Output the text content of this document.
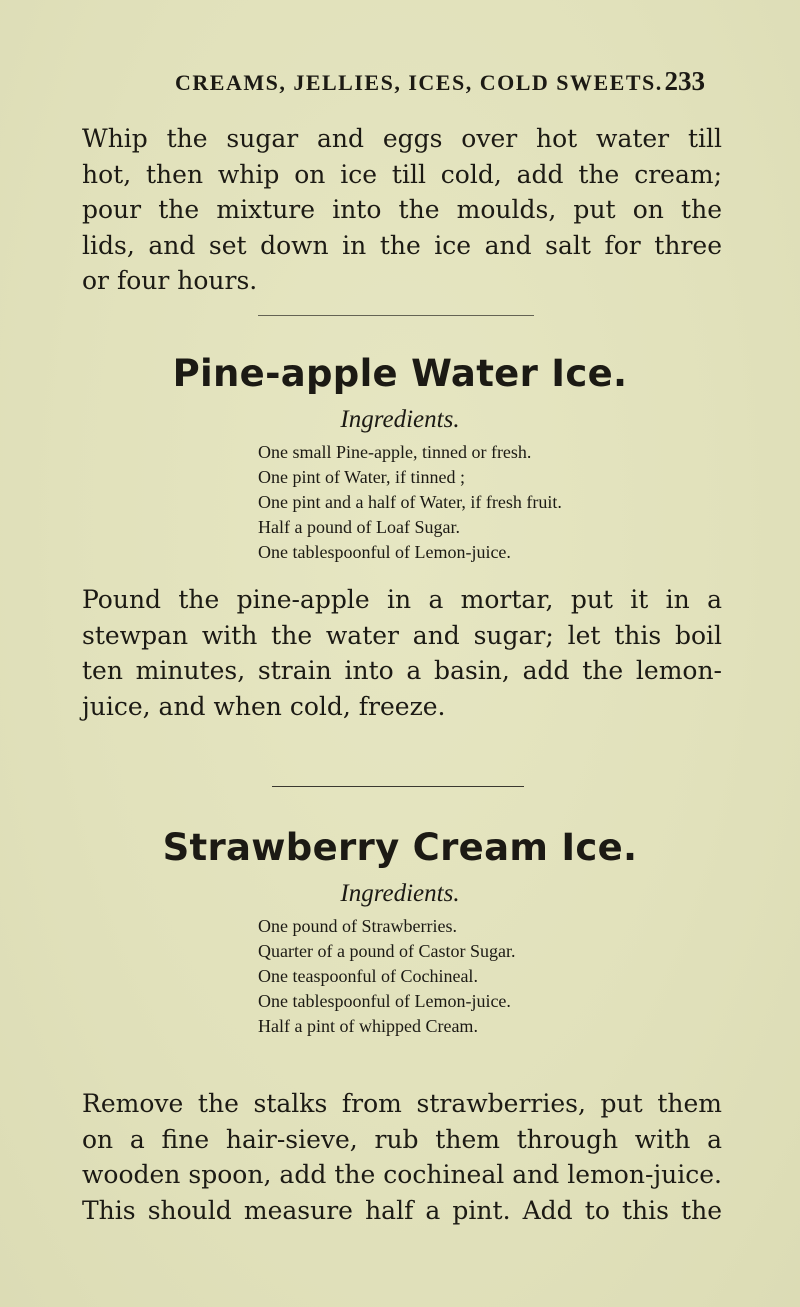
CREAMS, JELLIES, ICES, COLD SWEETS. 233
Whip the sugar and eggs over hot water till
hot, then whip on ice till cold, add the cream;
pour the mixture into the moulds, put on the
lids, and set down in the ice and salt for three
or four hours.
Pine-apple Water Ice.
Ingredients.
One small Pine-apple, tinned or fresh.
One pint of Water, if tinned ;
One pint and a half of Water, if fresh fruit.
Half a pound of Loaf Sugar.
One tablespoonful of Lemon-juice.
Pound the pine-apple in a mortar, put it in a
stewpan with the water and sugar; let this boil
ten minutes, strain into a basin, add the lemon-
juice, and when cold, freeze.
Strawberry Cream Ice.
Ingredients.
One pound of Strawberries.
Quarter of a pound of Castor Sugar.
One teaspoonful of Cochineal.
One tablespoonful of Lemon-juice.
Half a pint of whipped Cream.
Remove the stalks from strawberries, put them
on a fine hair-sieve, rub them through with a
wooden spoon, add the cochineal and lemon-juice.
This should measure half a pint. Add to this the
